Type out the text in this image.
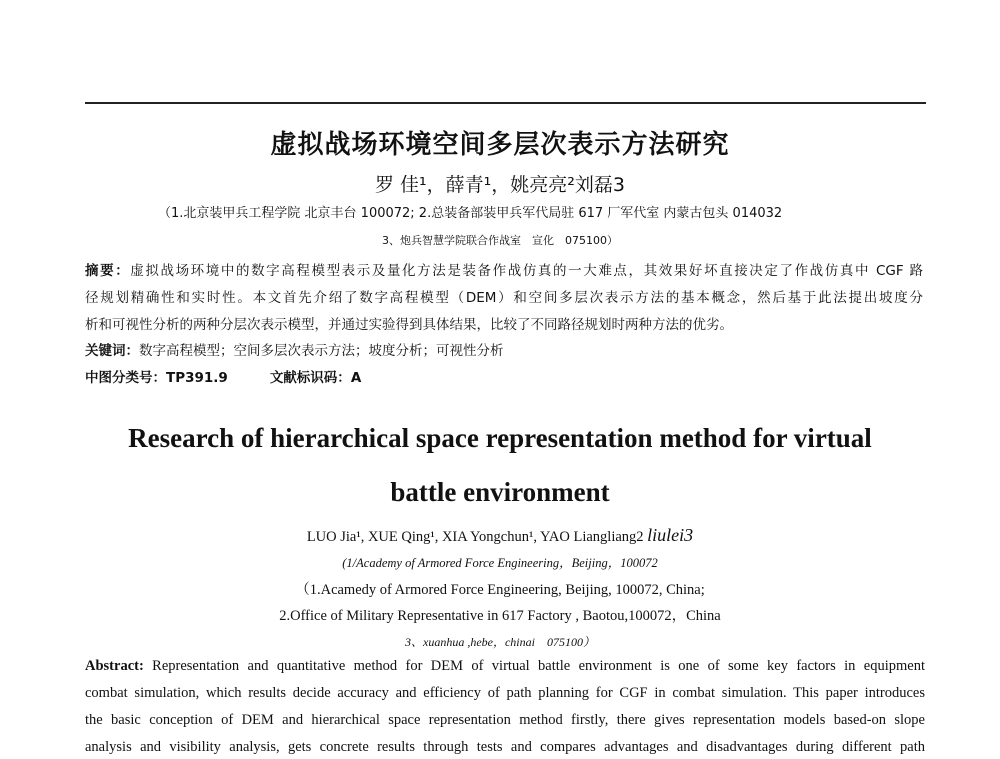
虚拟战场环境空间多层次表示方法研究
罗 佳¹，薛青¹，姚亮亮²刘磊3
（1.北京装甲兵工程学院 北京丰台 100072; 2.总装备部装甲兵军代局驻 617 厂军代室 内蒙古包头 014032
3、炮兵智慧学院联合作战室　宣化　075100）
摘要：虚拟战场环境中的数字高程模型表示及量化方法是装备作战仿真的一大难点，其效果好坏直接决定了作战仿真中 CGF 路
径规划精确性和实时性。本文首先介绍了数字高程模型（DEM）和空间多层次表示方法的基本概念，然后基于此法提出坡度分
析和可视性分析的两种分层次表示模型，并通过实验得到具体结果，比较了不同路径规划时两种方法的优劣。
关键词：数字高程模型；空间多层次表示方法；坡度分析；可视性分析
中图分类号：TP391.9	文献标识码：A
Research of hierarchical space representation method for virtual
battle environment
LUO Jia¹, XUE Qing¹, XIA Yongchun¹, YAO Liangliang2 liulei3
(1/Academy of Armored Force Engineering，Beijing，100072
（1.Acamedy of Armored Force Engineering, Beijing, 100072, China;
2.Office of Military Representative in 617 Factory , Baotou,100072，China
3、xuanhua ,hebe，chinai　075100）
Abstract: Representation and quantitative method for DEM of virtual battle environment is one of some key factors in equipment
combat simulation, which results decide accuracy and efficiency of path planning for CGF in combat simulation. This paper introduces
the basic conception of DEM and hierarchical space representation method firstly, there gives representation models based-on slope
analysis and visibility analysis, gets concrete results through tests and compares advantages and disadvantages during different path
